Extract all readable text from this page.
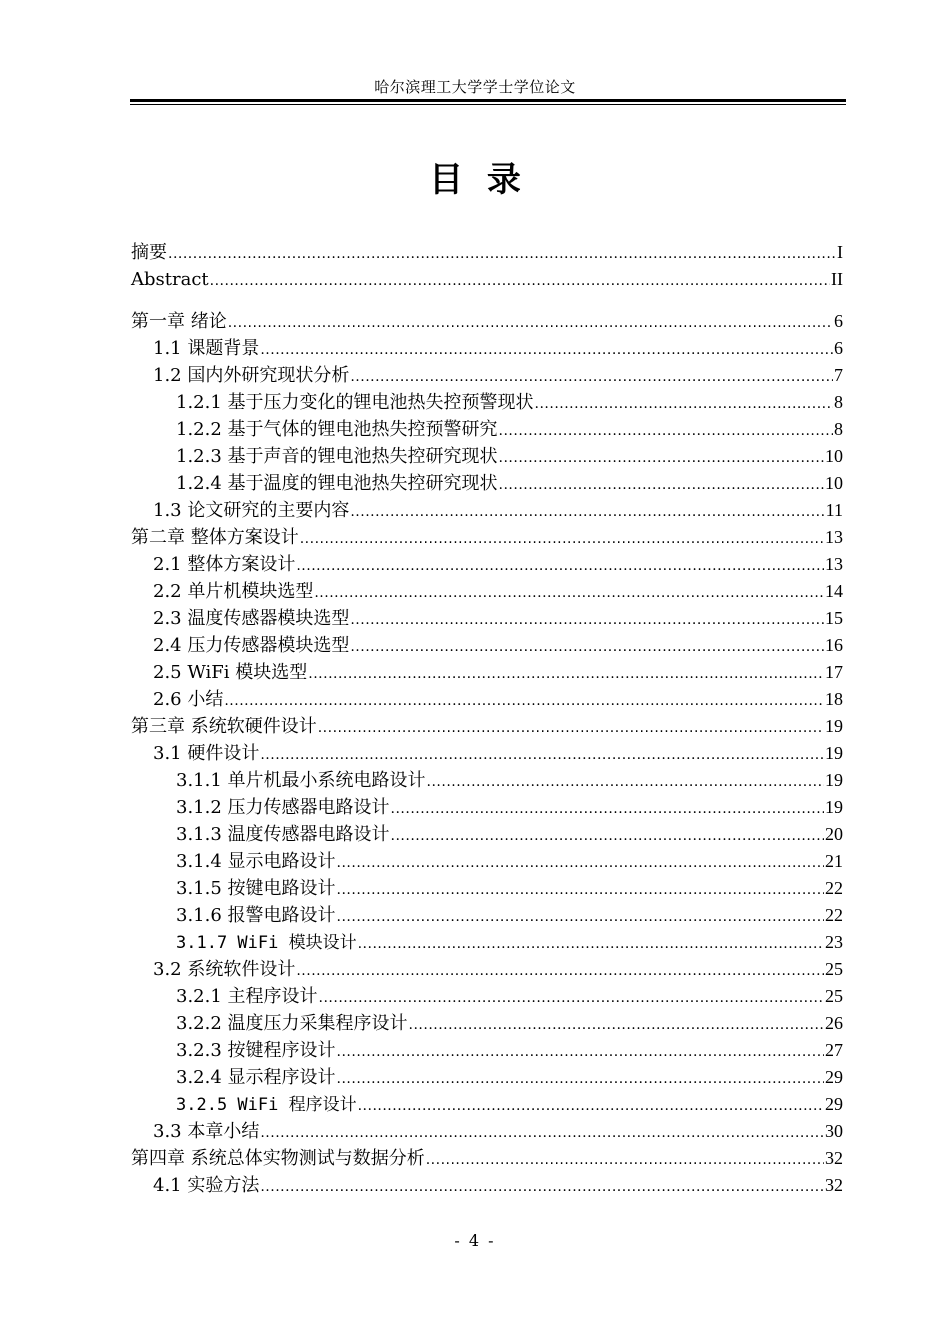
哈尔滨理工大学学士学位论文
目  录
摘要 .....	I
Abstract .....	II
第一章 绪论 .....	6
1.1 课题背景 .....	6
1.2 国内外研究现状分析 .....	7
1.2.1 基于压力变化的锂电池热失控预警现状 .....	8
1.2.2 基于气体的锂电池热失控预警研究 .....	8
1.2.3 基于声音的锂电池热失控研究现状 .....	10
1.2.4 基于温度的锂电池热失控研究现状 .....	10
1.3 论文研究的主要内容 .....	11
第二章 整体方案设计 .....	13
2.1 整体方案设计 .....	13
2.2 单片机模块选型 .....	14
2.3 温度传感器模块选型 .....	15
2.4 压力传感器模块选型 .....	16
2.5 WiFi 模块选型 .....	17
2.6 小结 .....	18
第三章 系统软硬件设计 .....	19
3.1 硬件设计 .....	19
3.1.1 单片机最小系统电路设计 .....	19
3.1.2 压力传感器电路设计 .....	19
3.1.3 温度传感器电路设计 .....	20
3.1.4 显示电路设计 .....	21
3.1.5 按键电路设计 .....	22
3.1.6 报警电路设计 .....	22
3.1.7 WiFi 模块设计 .....	23
3.2 系统软件设计 .....	25
3.2.1 主程序设计 .....	25
3.2.2 温度压力采集程序设计 .....	26
3.2.3 按键程序设计 .....	27
3.2.4 显示程序设计 .....	29
3.2.5 WiFi 程序设计 .....	29
3.3 本章小结 .....	30
第四章 系统总体实物测试与数据分析 .....	32
4.1 实验方法 .....	32
- 4 -
